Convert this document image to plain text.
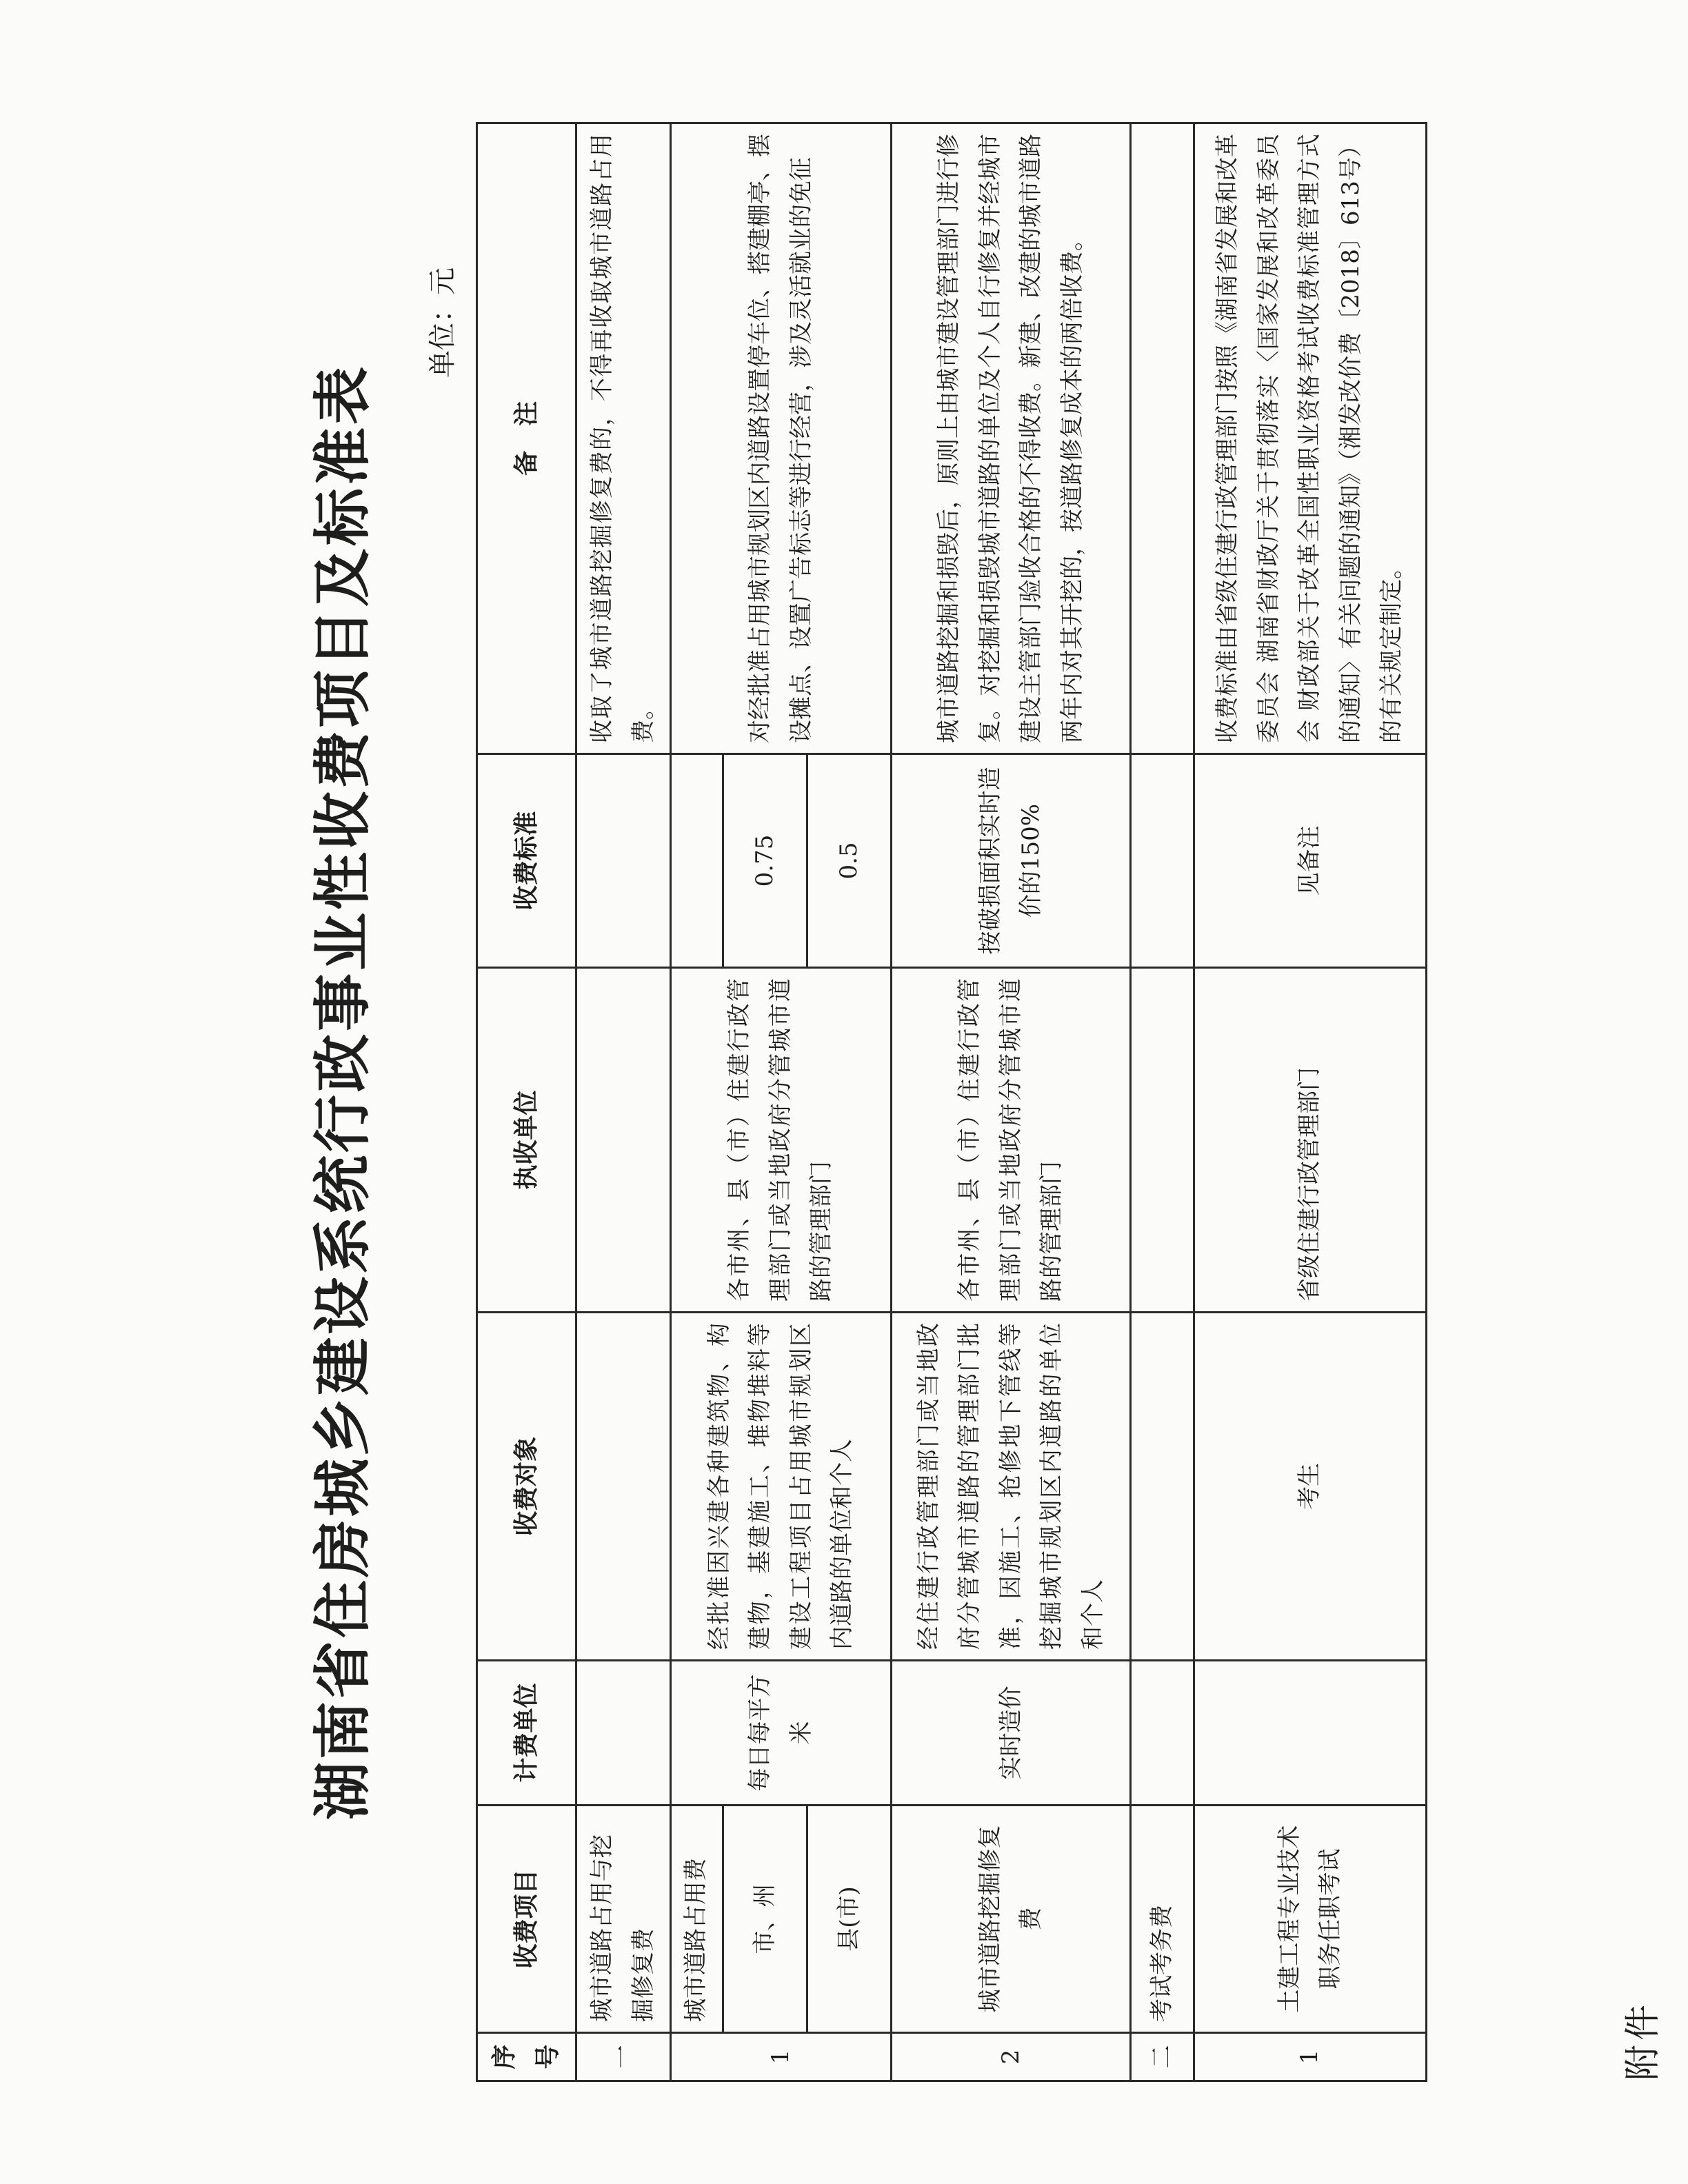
湖南省住房城乡建设系统行政事业性收费项目及标准表
单位：元
附件
序号	收费项目	计费单位	收费对象	执收单位	收费标准	备　注
一	城市道路占用与挖掘修复费					收取了城市道路挖掘修复费的，不得再收取城市道路占用费。
1	城市道路占用费	每日每平方米	经批准因兴建各种建筑物、构建物，基建施工、堆物堆料等建设工程项目占用城市规划区内道路的单位和个人	各市州、县（市）住建行政管理部门或当地政府分管城市道路的管理部门		对经批准占用城市规划区内道路设置停车位、搭建棚亭、摆设摊点、设置广告标志等进行经营，涉及灵活就业的免征
	市、州				0.75	
	县(市)				0.5	
2	城市道路挖掘修复费	实时造价	经住建行政管理部门或当地政府分管城市道路的管理部门批准，因施工、抢修地下管线等挖掘城市规划区内道路的单位和个人	各市州、县（市）住建行政管理部门或当地政府分管城市道路的管理部门	按破损面积实时造价的150%	城市道路挖掘和损毁后，原则上由城市建设管理部门进行修复。对挖掘和损毁城市道路的单位及个人自行修复并经城市建设主管部门验收合格的不得收费。新建、改建的城市道路两年内对其开挖的，按道路修复成本的两倍收费。
二	考试考务费					
1	土建工程专业技术职务任职考试		考生	省级住建行政管理部门	见备注	收费标准由省级住建行政管理部门按照《湖南省发展和改革委员会 湖南省财政厅关于贯彻落实〈国家发展和改革委员会 财政部关于改革全国性职业资格考试收费标准管理方式的通知〉有关问题的通知》（湘发改价费〔2018〕613号）的有关规定制定。
